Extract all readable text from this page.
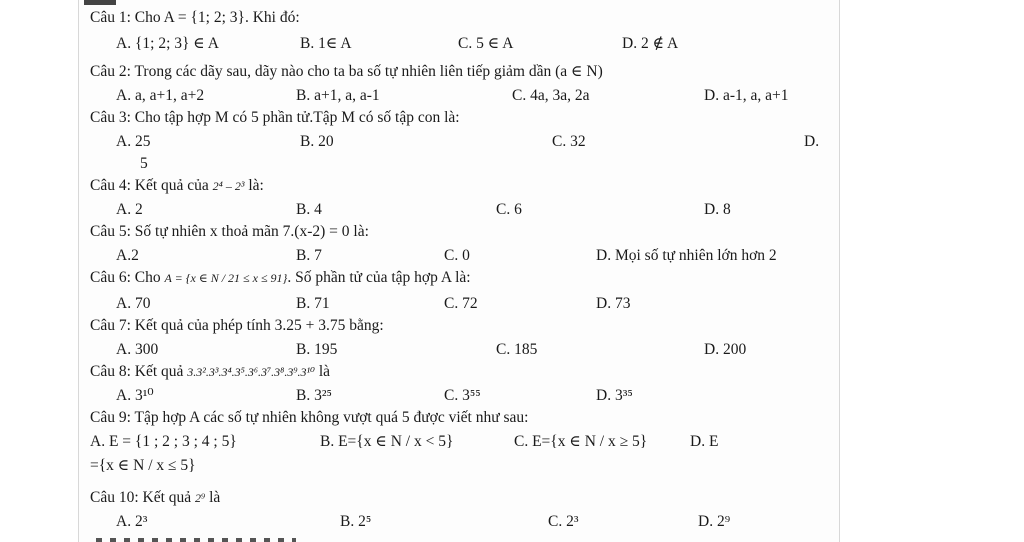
Câu 1: Cho A = {1; 2; 3}. Khi đó:
A. {1; 2; 3} ∈ A	B. 1∈ A	C. 5 ∈ A	D. 2 ∉ A
Câu 2: Trong các dãy sau, dãy nào cho ta ba số tự nhiên liên tiếp giảm dần (a ∈ N)
A. a, a+1, a+2	B. a+1, a, a-1	C. 4a, 3a, 2a	D. a-1, a, a+1
Câu 3: Cho tập hợp M có 5 phần tử.Tập M có số tập con là:
A. 25	B. 20	C. 32	D.
5
Câu 4: Kết quả của 2⁴ – 2³ là:
A. 2	B. 4	C. 6	D. 8
Câu 5: Số tự nhiên x thoả mãn 7.(x-2) = 0 là:
A.2	B. 7	C. 0	D. Mọi số tự nhiên lớn hơn 2
Câu 6: Cho A = {x ∈ N / 21 ≤ x ≤ 91}. Số phần tử của tập hợp A là:
A. 70	B. 71	C. 72	D. 73
Câu 7: Kết quả của phép tính 3.25 + 3.75 bằng:
A. 300	B. 195	C. 185	D. 200
Câu 8: Kết quả 3.3².3³.3⁴.3⁵.3⁶.3⁷.3⁸.3⁹.3¹⁰ là
A. 3¹⁰	B. 3²⁵	C. 3⁵⁵	D. 3³⁵
Câu 9: Tập hợp A các số tự nhiên không vượt quá 5 được viết như sau:
A. E = {1 ; 2 ; 3 ; 4 ; 5}	B. E={x ∈ N / x < 5}	C. E={x ∈ N / x ≥ 5}	D. E
={x ∈ N / x ≤ 5}
Câu 10: Kết quả 2⁹ là
A. 2³	B. 2⁵	C. 2³	D. 2⁹
